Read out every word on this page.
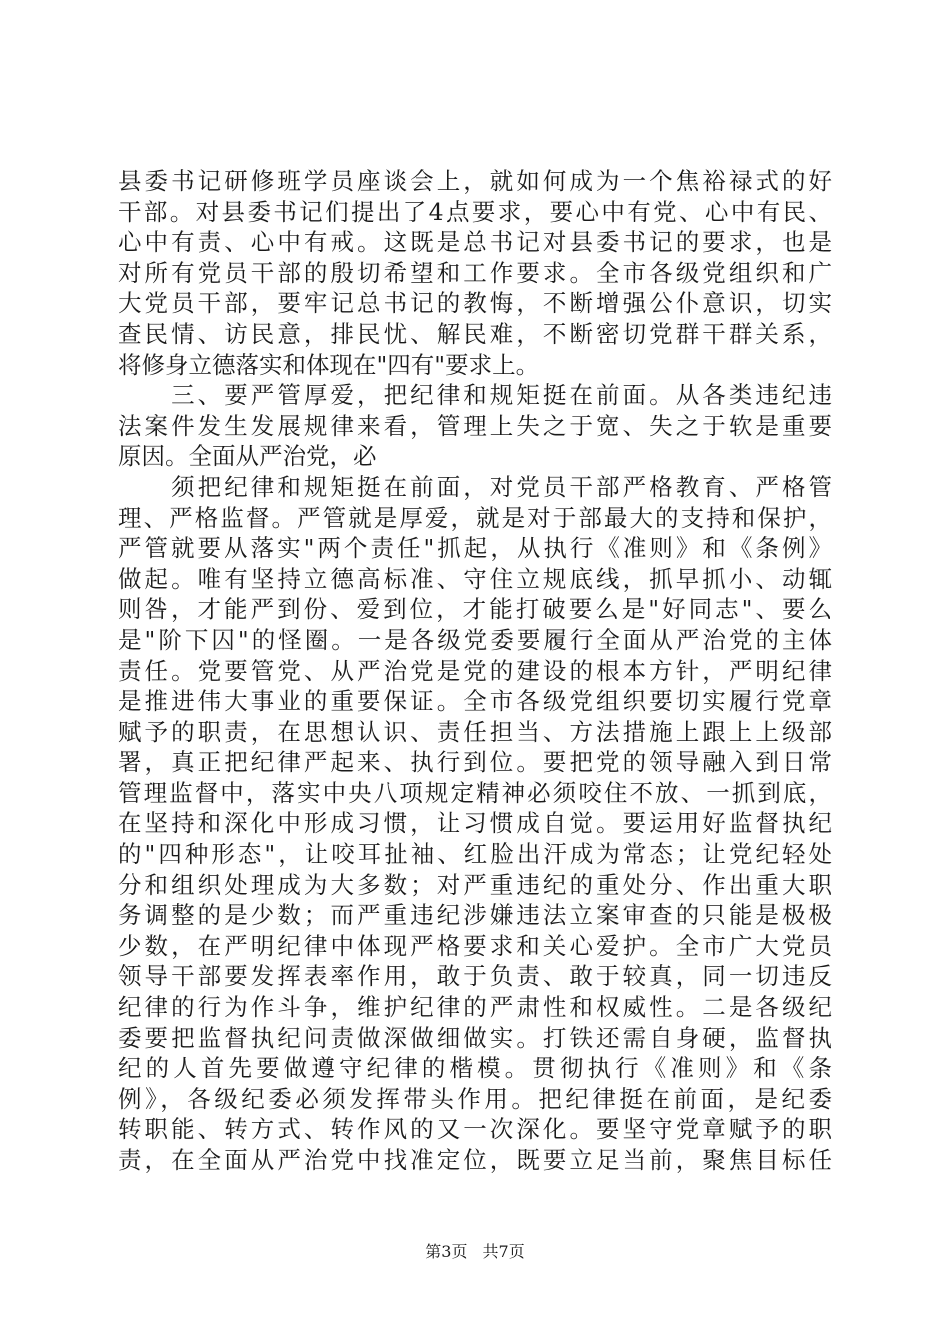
县委书记研修班学员座谈会上，就如何成为一个焦裕禄式的好
干部。对县委书记们提出了4点要求，要心中有党、心中有民、
心中有责、心中有戒。这既是总书记对县委书记的要求，也是
对所有党员干部的殷切希望和工作要求。全市各级党组织和广
大党员干部，要牢记总书记的教悔，不断增强公仆意识，切实
查民情、访民意，排民忧、解民难，不断密切党群干群关系，
将修身立德落实和体现在"四有"要求上。
　　三、要严管厚爱，把纪律和规矩挺在前面。从各类违纪违
法案件发生发展规律来看，管理上失之于宽、失之于软是重要
原因。全面从严治党，必
　　须把纪律和规矩挺在前面，对党员干部严格教育、严格管
理、严格监督。严管就是厚爱，就是对于部最大的支持和保护，
严管就要从落实"两个责任"抓起，从执行《准则》和《条例》
做起。唯有坚持立德高标准、守住立规底线，抓早抓小、动辄
则咎，才能严到份、爱到位，才能打破要么是"好同志"、要么
是"阶下囚"的怪圈。一是各级党委要履行全面从严治党的主体
责任。党要管党、从严治党是党的建设的根本方针，严明纪律
是推进伟大事业的重要保证。全市各级党组织要切实履行党章
赋予的职责，在思想认识、责任担当、方法措施上跟上上级部
署，真正把纪律严起来、执行到位。要把党的领导融入到日常
管理监督中，落实中央八项规定精神必须咬住不放、一抓到底，
在坚持和深化中形成习惯，让习惯成自觉。要运用好监督执纪
的"四种形态"，让咬耳扯袖、红脸出汗成为常态；让党纪轻处
分和组织处理成为大多数；对严重违纪的重处分、作出重大职
务调整的是少数；而严重违纪涉嫌违法立案审查的只能是极极
少数，在严明纪律中体现严格要求和关心爱护。全市广大党员
领导干部要发挥表率作用，敢于负责、敢于较真，同一切违反
纪律的行为作斗争，维护纪律的严肃性和权威性。二是各级纪
委要把监督执纪问责做深做细做实。打铁还需自身硬，监督执
纪的人首先要做遵守纪律的楷模。贯彻执行《准则》和《条
例》，各级纪委必须发挥带头作用。把纪律挺在前面，是纪委
转职能、转方式、转作风的又一次深化。要坚守党章赋予的职
责，在全面从严治党中找准定位，既要立足当前，聚焦目标任
第3页 共7页
